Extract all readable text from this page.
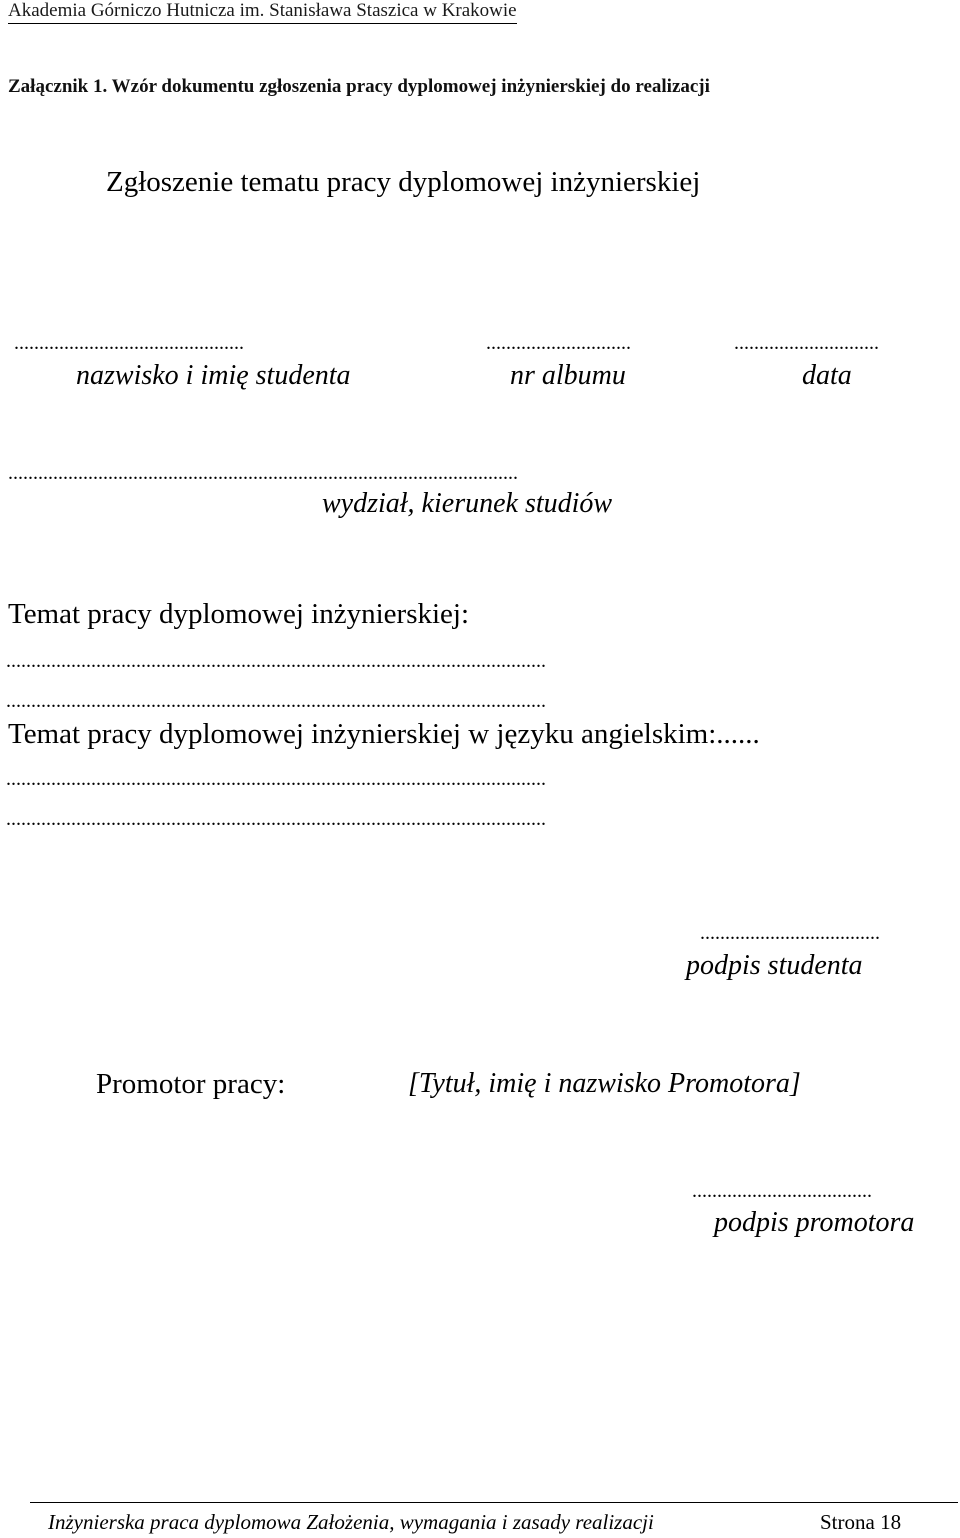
Akademia Górniczo Hutnicza im. Stanisława Staszica w Krakowie
Załącznik 1. Wzór dokumentu zgłoszenia pracy dyplomowej inżynierskiej do realizacji
Zgłoszenie tematu pracy dyplomowej inżynierskiej
..............................................
nazwisko i imię studenta
.............................
nr albumu
.............................
data
......................................................................................................
wydział, kierunek studiów
Temat pracy dyplomowej inżynierskiej:
............................................................................................................
............................................................................................................
Temat pracy dyplomowej inżynierskiej w języku angielskim:......
............................................................................................................
............................................................................................................
....................................
podpis studenta
Promotor pracy:	[Tytuł, imię i nazwisko Promotora]
....................................
podpis promotora
Inżynierska praca dyplomowa Założenia, wymagania i zasady realizacji	Strona 18
